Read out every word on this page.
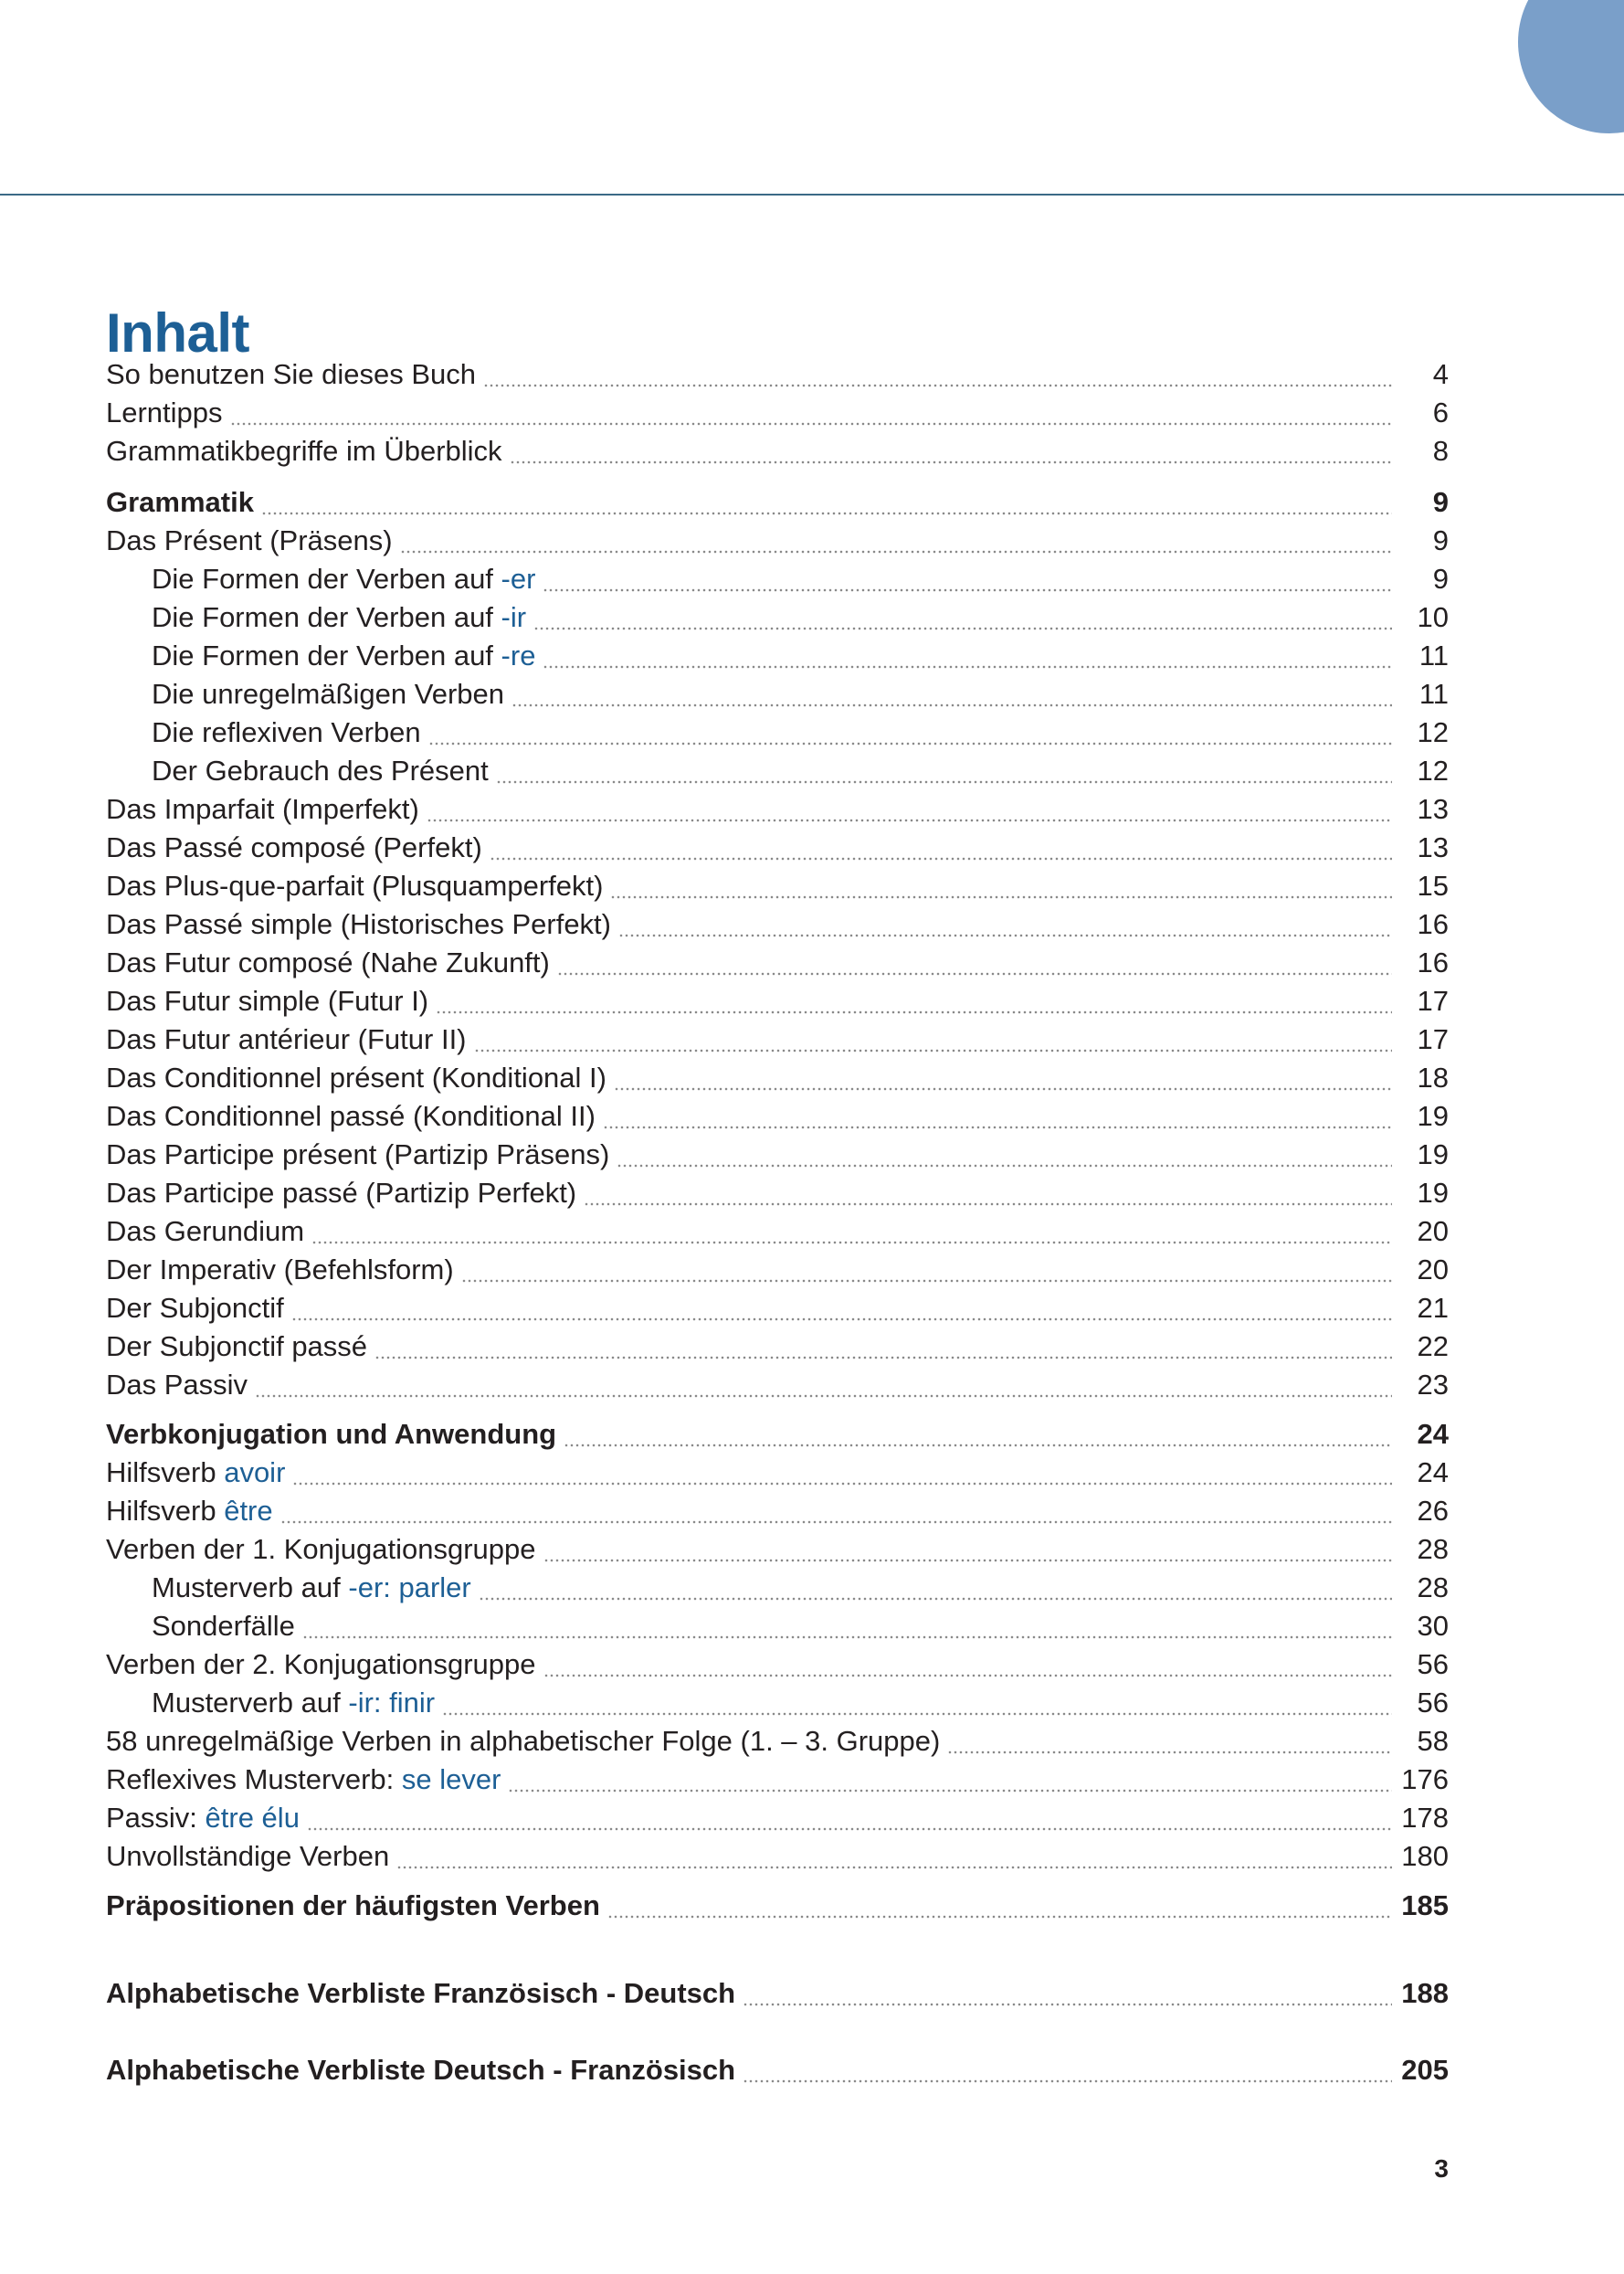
Inhalt
So benutzen Sie dieses Buch	4
Lerntipps	6
Grammatikbegriffe im Überblick	8
Grammatik	9
Das Présent (Präsens)	9
Die Formen der Verben auf -er	9
Die Formen der Verben auf -ir	10
Die Formen der Verben auf -re	11
Die unregelmäßigen Verben	11
Die reflexiven Verben	12
Der Gebrauch des Présent	12
Das Imparfait (Imperfekt)	13
Das Passé composé (Perfekt)	13
Das Plus-que-parfait (Plusquamperfekt)	15
Das Passé simple (Historisches Perfekt)	16
Das Futur composé (Nahe Zukunft)	16
Das Futur simple (Futur I)	17
Das Futur antérieur (Futur II)	17
Das Conditionnel présent (Konditional I)	18
Das Conditionnel passé (Konditional II)	19
Das Participe présent (Partizip Präsens)	19
Das Participe passé (Partizip Perfekt)	19
Das Gerundium	20
Der Imperativ (Befehlsform)	20
Der Subjonctif	21
Der Subjonctif passé	22
Das Passiv	23
Verbkonjugation und Anwendung	24
Hilfsverb avoir	24
Hilfsverb être	26
Verben der 1. Konjugationsgruppe	28
Musterverb auf -er: parler	28
Sonderfälle	30
Verben der 2. Konjugationsgruppe	56
Musterverb auf -ir: finir	56
58 unregelmäßige Verben in alphabetischer Folge (1. – 3. Gruppe)	58
Reflexives Musterverb: se lever	176
Passiv: être élu	178
Unvollständige Verben	180
Präpositionen der häufigsten Verben	185
Alphabetische Verbliste Französisch - Deutsch	188
Alphabetische Verbliste Deutsch - Französisch	205
3
